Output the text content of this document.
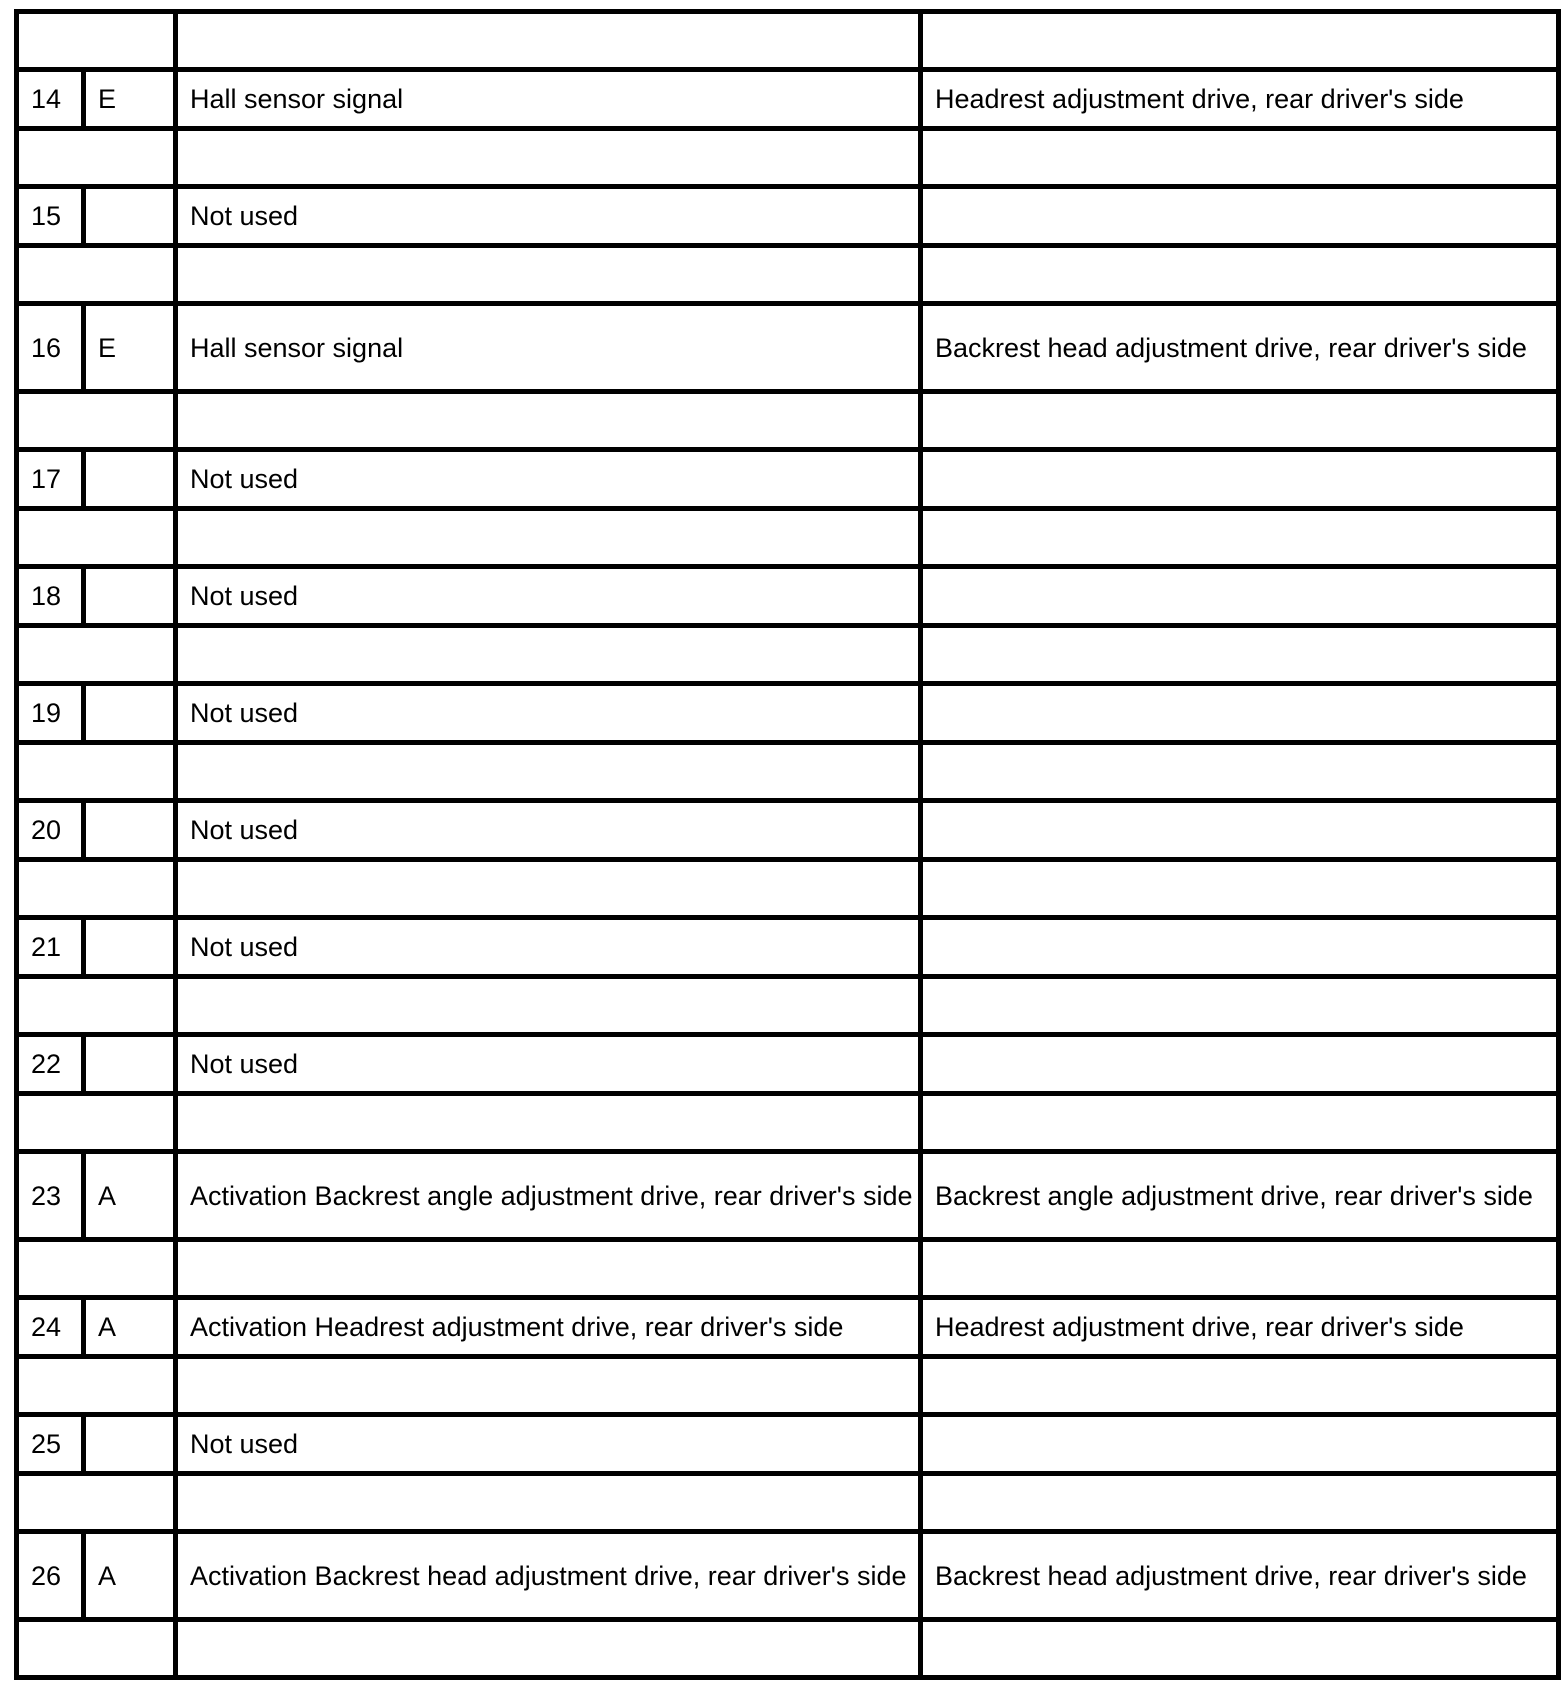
14	E	Hall sensor signal	Headrest adjustment drive, rear driver's side

15		Not used	

16	E	Hall sensor signal	Backrest head adjustment drive, rear driver's side

17		Not used	

18		Not used	

19		Not used	

20		Not used	

21		Not used	

22		Not used	

23	A	Activation Backrest angle adjustment drive, rear driver's side	Backrest angle adjustment drive, rear driver's side

24	A	Activation Headrest adjustment drive, rear driver's side	Headrest adjustment drive, rear driver's side

25		Not used	

26	A	Activation Backrest head adjustment drive, rear driver's side	Backrest head adjustment drive, rear driver's side
